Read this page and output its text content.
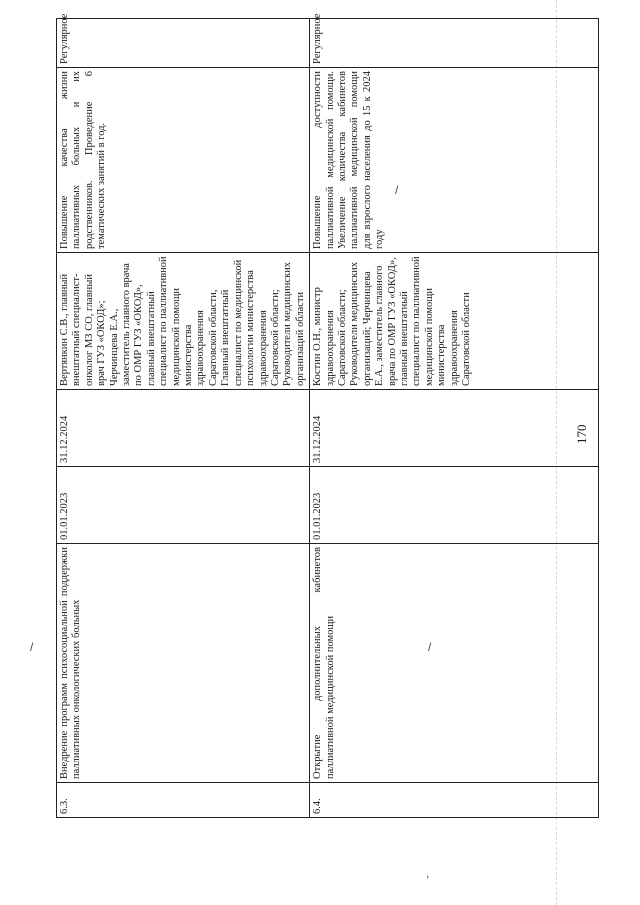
6.3.	Внедрение программ психосоциальной поддержки паллиативных онкологических больных	01.01.2023	31.12.2024	Вертянкин С.В., главный внештатный специалист-онколог МЗ СО, главный врач ГУЗ «ОКОД»; Черчинцева Е.А., заместитель главного врача по ОМР ГУЗ «ОКОД», главный внештатный специалист по паллиативной медицинской помощи министерства здравоохранения Саратовской области, Главный внештатный специалист по медицинской психологии министерства здравоохранения Саратовской области; Руководители медицинских организаций области	Повышение качества жизни паллиативных больных и их родственников. Проведение 6 тематических занятий в год.	Регулярное
6.4.	Открытие дополнительных кабинетов паллиативной медицинской помощи	01.01.2023	31.12.2024	Костин О.Н., министр здравоохранения Саратовской области; Руководители медицинских организаций; Черчинцева Е.А., заместитель главного врача по ОМР ГУЗ «ОКОД», главный внештатный специалист по паллиативной медицинской помощи министерства здравоохранения Саратовской области	Повышение доступности паллиативной медицинской помощи. Увеличение количества кабинетов паллиативной медицинской помощи для взрослого населения до 15 к 2024 году	Регулярное
170
/
,
/
/
